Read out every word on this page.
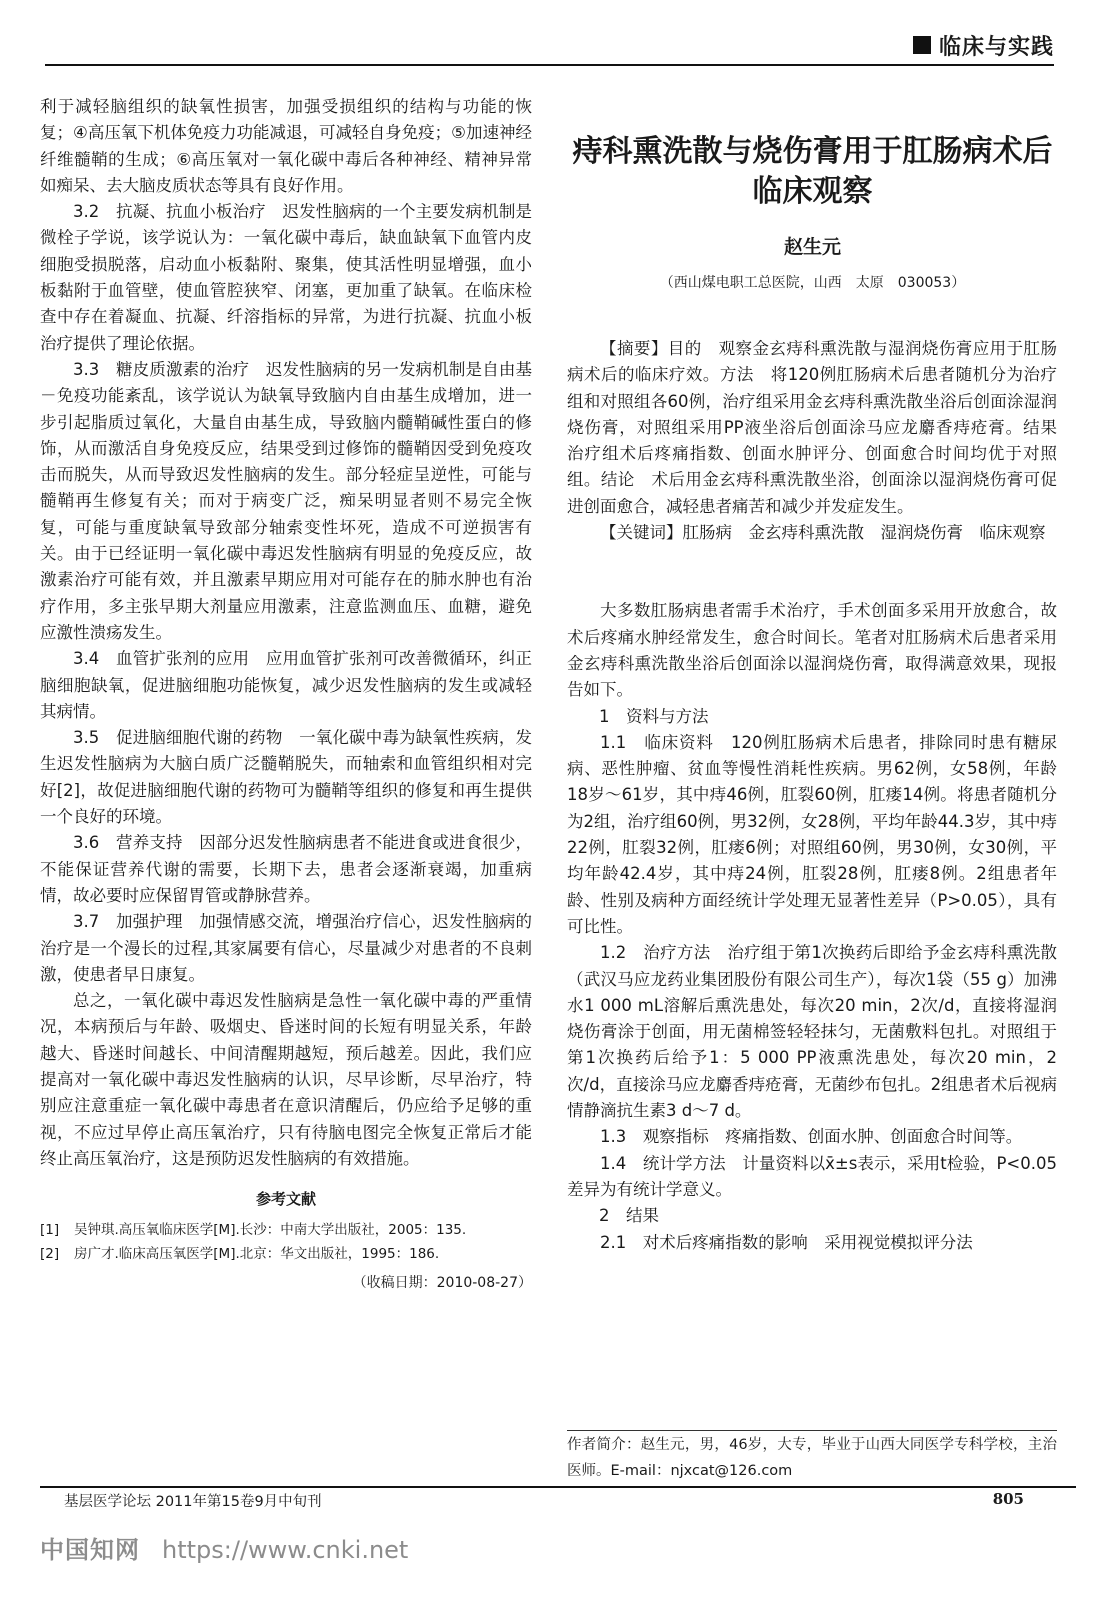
临床与实践

利于减轻脑组织的缺氧性损害，加强受损组织的结构与功能的恢复；④高压氧下机体免疫力功能减退，可减轻自身免疫；⑤加速神经纤维髓鞘的生成；⑥高压氧对一氧化碳中毒后各种神经、精神异常如痴呆、去大脑皮质状态等具有良好作用。

3.2　抗凝、抗血小板治疗　迟发性脑病的一个主要发病机制是微栓子学说，该学说认为：一氧化碳中毒后，缺血缺氧下血管内皮细胞受损脱落，启动血小板黏附、聚集，使其活性明显增强，血小板黏附于血管壁，使血管腔狭窄、闭塞，更加重了缺氧。在临床检查中存在着凝血、抗凝、纤溶指标的异常，为进行抗凝、抗血小板治疗提供了理论依据。

3.3　糖皮质激素的治疗　迟发性脑病的另一发病机制是自由基－免疫功能紊乱，该学说认为缺氧导致脑内自由基生成增加，进一步引起脂质过氧化，大量自由基生成，导致脑内髓鞘碱性蛋白的修饰，从而激活自身免疫反应，结果受到过修饰的髓鞘因受到免疫攻击而脱失，从而导致迟发性脑病的发生。部分轻症呈逆性，可能与髓鞘再生修复有关；而对于病变广泛，痴呆明显者则不易完全恢复，可能与重度缺氧导致部分轴索变性坏死，造成不可逆损害有关。由于已经证明一氧化碳中毒迟发性脑病有明显的免疫反应，故激素治疗可能有效，并且激素早期应用对可能存在的肺水肿也有治疗作用，多主张早期大剂量应用激素，注意监测血压、血糖，避免应激性溃疡发生。

3.4　血管扩张剂的应用　应用血管扩张剂可改善微循环，纠正脑细胞缺氧，促进脑细胞功能恢复，减少迟发性脑病的发生或减轻其病情。

3.5　促进脑细胞代谢的药物　一氧化碳中毒为缺氧性疾病，发生迟发性脑病为大脑白质广泛髓鞘脱失，而轴索和血管组织相对完好[2]，故促进脑细胞代谢的药物可为髓鞘等组织的修复和再生提供一个良好的环境。

3.6　营养支持　因部分迟发性脑病患者不能进食或进食很少，不能保证营养代谢的需要，长期下去，患者会逐渐衰竭，加重病情，故必要时应保留胃管或静脉营养。

3.7　加强护理　加强情感交流，增强治疗信心，迟发性脑病的治疗是一个漫长的过程,其家属要有信心，尽量减少对患者的不良刺激，使患者早日康复。

总之，一氧化碳中毒迟发性脑病是急性一氧化碳中毒的严重情况，本病预后与年龄、吸烟史、昏迷时间的长短有明显关系，年龄越大、昏迷时间越长、中间清醒期越短，预后越差。因此，我们应提高对一氧化碳中毒迟发性脑病的认识，尽早诊断，尽早治疗，特别应注意重症一氧化碳中毒患者在意识清醒后，仍应给予足够的重视，不应过早停止高压氧治疗，只有待脑电图完全恢复正常后才能终止高压氧治疗，这是预防迟发性脑病的有效措施。

参考文献
[1]	吴钟琪.高压氧临床医学[M].长沙：中南大学出版社，2005：135.
[2]	房广才.临床高压氧医学[M].北京：华文出版社，1995：186.
（收稿日期：2010-08-27）
痔科熏洗散与烧伤膏用于肛肠病术后临床观察
赵生元
（西山煤电职工总医院，山西　太原　030053）

【摘要】目的　观察金玄痔科熏洗散与湿润烧伤膏应用于肛肠病术后的临床疗效。方法　将120例肛肠病术后患者随机分为治疗组和对照组各60例，治疗组采用金玄痔科熏洗散坐浴后创面涂湿润烧伤膏，对照组采用PP液坐浴后创面涂马应龙麝香痔疮膏。结果　治疗组术后疼痛指数、创面水肿评分、创面愈合时间均优于对照组。结论　术后用金玄痔科熏洗散坐浴，创面涂以湿润烧伤膏可促进创面愈合，减轻患者痛苦和减少并发症发生。

【关键词】肛肠病　金玄痔科熏洗散　湿润烧伤膏　临床观察

大多数肛肠病患者需手术治疗，手术创面多采用开放愈合，故术后疼痛水肿经常发生，愈合时间长。笔者对肛肠病术后患者采用金玄痔科熏洗散坐浴后创面涂以湿润烧伤膏，取得满意效果，现报告如下。

1　资料与方法

1.1　临床资料　120例肛肠病术后患者，排除同时患有糖尿病、恶性肿瘤、贫血等慢性消耗性疾病。男62例，女58例，年龄18岁～61岁，其中痔46例，肛裂60例，肛瘘14例。将患者随机分为2组，治疗组60例，男32例，女28例，平均年龄44.3岁，其中痔22例，肛裂32例，肛瘘6例；对照组60例，男30例，女30例，平均年龄42.4岁，其中痔24例，肛裂28例，肛瘘8例。2组患者年龄、性别及病种方面经统计学处理无显著性差异（P>0.05），具有可比性。

1.2　治疗方法　治疗组于第1次换药后即给予金玄痔科熏洗散（武汉马应龙药业集团股份有限公司生产），每次1袋（55 g）加沸水1 000 mL溶解后熏洗患处，每次20 min，2次/d，直接将湿润烧伤膏涂于创面，用无菌棉签轻轻抹匀，无菌敷料包扎。对照组于第1次换药后给予1：5 000 PP液熏洗患处，每次20 min，2次/d，直接涂马应龙麝香痔疮膏，无菌纱布包扎。2组患者术后视病情静滴抗生素3 d～7 d。

1.3　观察指标　疼痛指数、创面水肿、创面愈合时间等。

1.4　统计学方法　计量资料以x̄±s表示，采用t检验，P<0.05差异为有统计学意义。

2　结果

2.1　对术后疼痛指数的影响　采用视觉模拟评分法

作者简介：赵生元，男，46岁，大专，毕业于山西大同医学专科学校，主治医师。E-mail：njxcat@126.com
基层医学论坛 2011年第15卷9月中旬刊	805
中国知网 https://www.cnki.net
